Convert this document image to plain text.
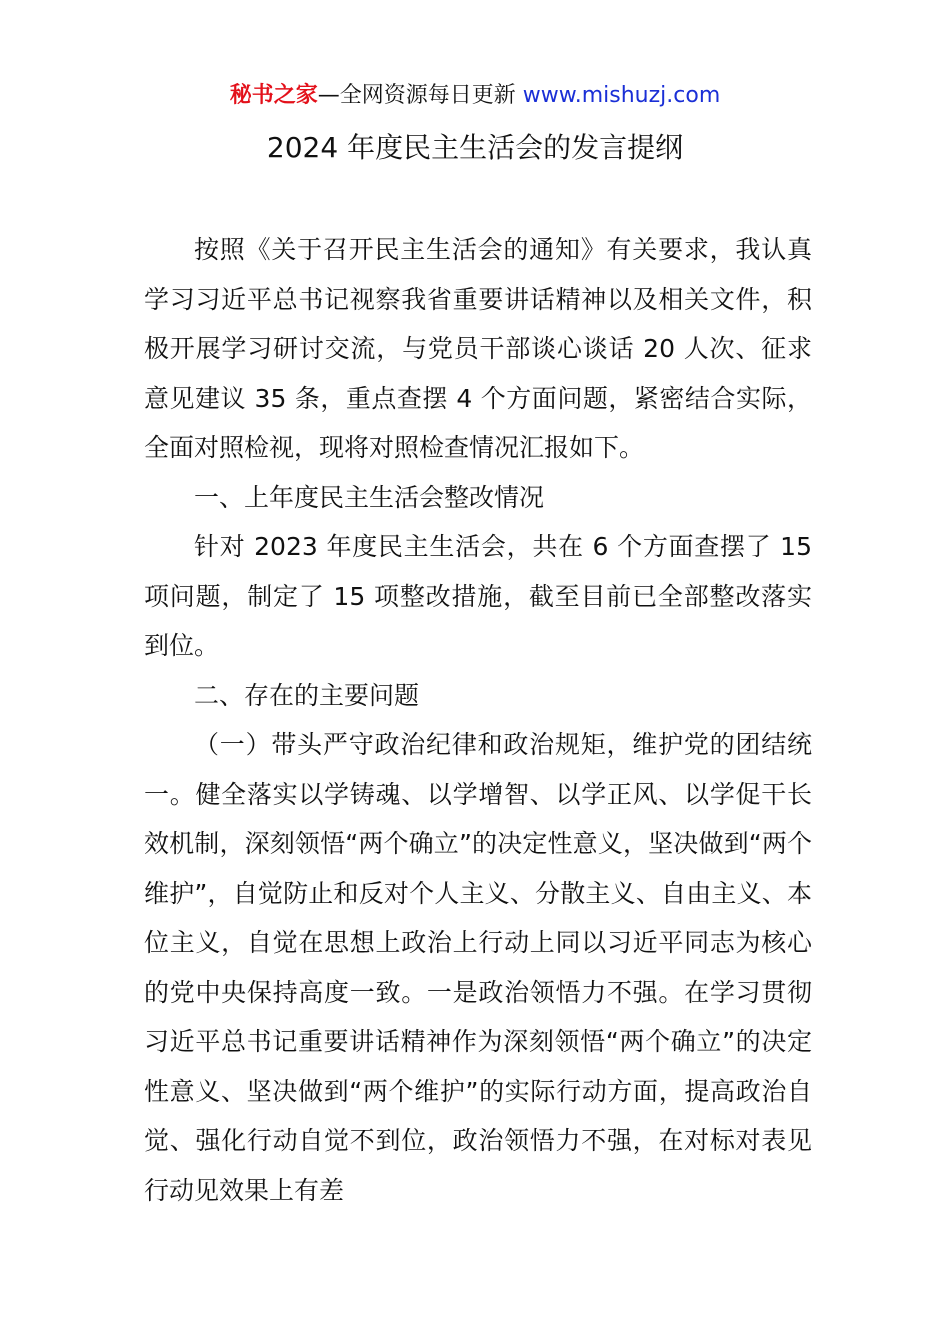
秘书之家—全网资源每日更新 www.mishuzj.com
2024 年度民主生活会的发言提纲

按照《关于召开民主生活会的通知》有关要求，我认真学习习近平总书记视察我省重要讲话精神以及相关文件，积极开展学习研讨交流，与党员干部谈心谈话 20 人次、征求意见建议 35 条，重点查摆 4 个方面问题，紧密结合实际，全面对照检视，现将对照检查情况汇报如下。

一、上年度民主生活会整改情况

针对 2023 年度民主生活会，共在 6 个方面查摆了 15 项问题，制定了 15 项整改措施，截至目前已全部整改落实到位。

二、存在的主要问题

（一）带头严守政治纪律和政治规矩，维护党的团结统一。健全落实以学铸魂、以学增智、以学正风、以学促干长效机制，深刻领悟“两个确立”的决定性意义，坚决做到“两个维护”，自觉防止和反对个人主义、分散主义、自由主义、本位主义，自觉在思想上政治上行动上同以习近平同志为核心的党中央保持高度一致。一是政治领悟力不强。在学习贯彻习近平总书记重要讲话精神作为深刻领悟“两个确立”的决定性意义、坚决做到“两个维护”的实际行动方面，提高政治自觉、强化行动自觉不到位，政治领悟力不强，在对标对表见行动见效果上有差
